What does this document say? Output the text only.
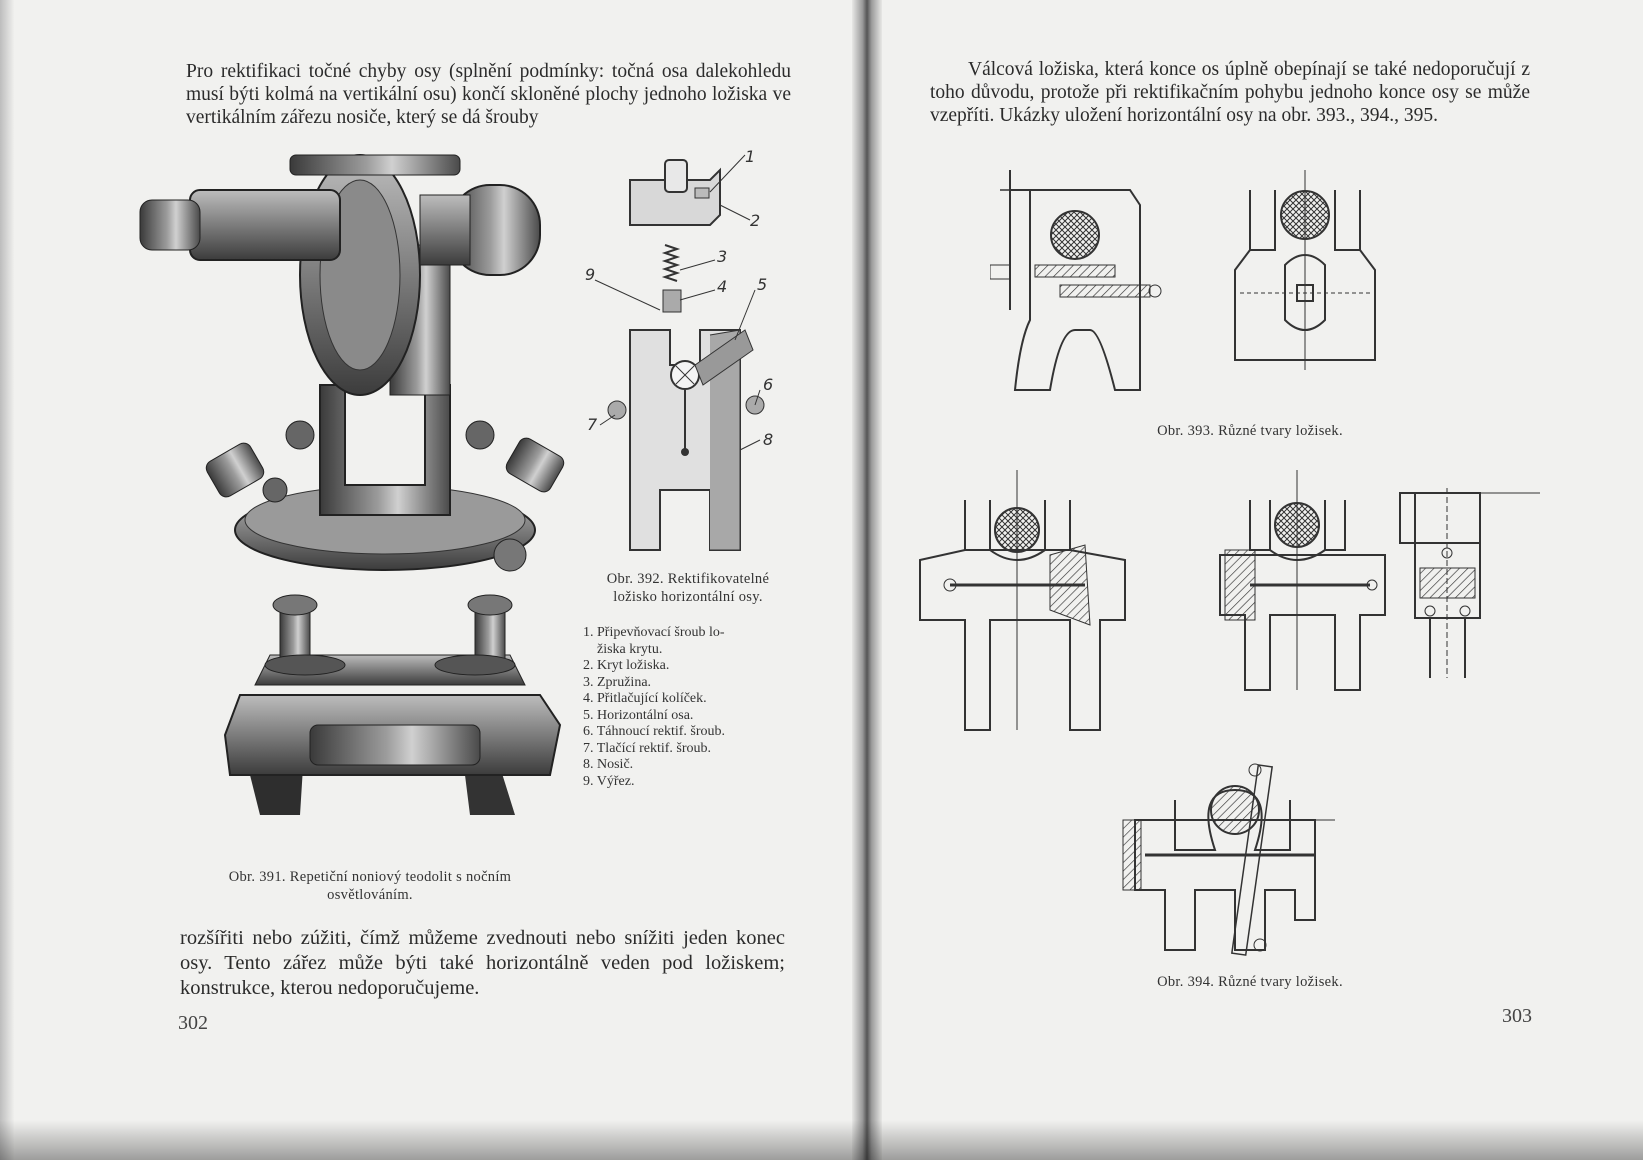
Pro rektifikaci točné chyby osy (splnění podmínky: točná osa dalekohledu musí býti kolmá na vertikální osu) končí skloněné plochy jednoho ložiska ve vertikálním zářezu nosiče, který se dá šrouby

1
2
3
4 5
6
7
8
9
Obr. 392. Rektifikovatelné
ložisko horizontální osy.
1. Připevňovací šroub lo-
žiska krytu.
2. Kryt ložiska.
3. Zpružina.
4. Přitlačující kolíček.
5. Horizontální osa.
6. Táhnoucí rektif. šroub.
7. Tlačící rektif. šroub.
8. Nosič.
9. Výřez.
Obr. 391. Repetiční noniový teodolit s nočním
osvětlováním.

rozšířiti nebo zúžiti, čímž můžeme zvednouti nebo snížiti jeden konec osy. Tento zářez může býti také horizontálně veden pod ložiskem; konstrukce, kterou nedoporučujeme.

302

Válcová ložiska, která konce os úplně obepínají se také nedoporučují z toho důvodu, protože při rektifikačním pohybu jednoho konce osy se může vzepříti. Ukázky uložení horizontální osy na obr. 393., 394., 395.

Obr. 393. Různé tvary ložisek.
Obr. 394. Různé tvary ložisek.
303
